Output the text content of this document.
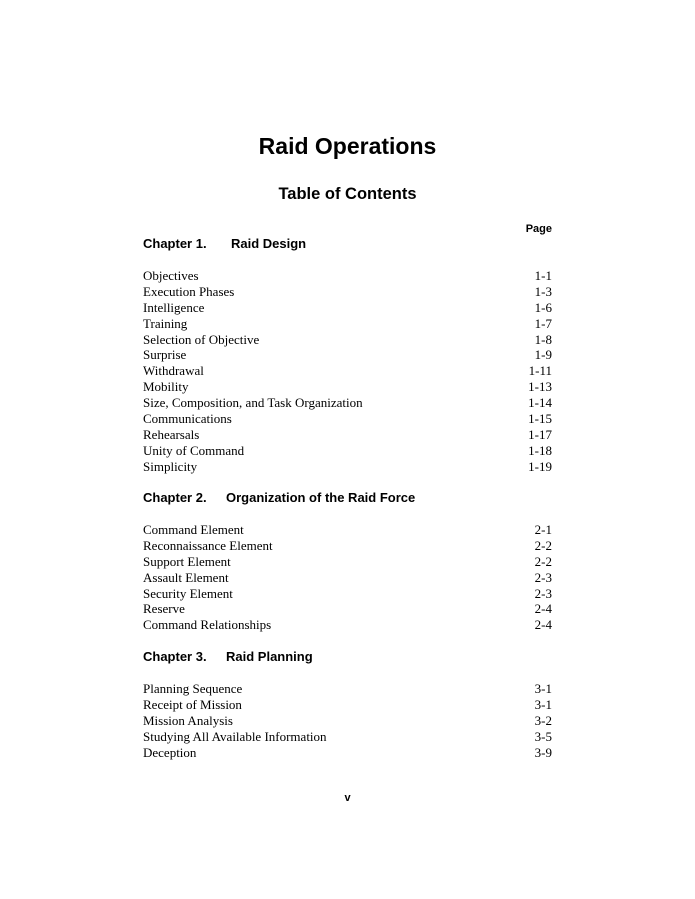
Raid Operations
Table of Contents
Page
Chapter 1. Raid Design
Objectives	1-1
Execution Phases	1-3
Intelligence	1-6
Training	1-7
Selection of Objective	1-8
Surprise	1-9
Withdrawal	1-11
Mobility	1-13
Size, Composition, and Task Organization	1-14
Communications	1-15
Rehearsals	1-17
Unity of Command	1-18
Simplicity	1-19
Chapter 2. Organization of the Raid Force
Command Element	2-1
Reconnaissance Element	2-2
Support Element	2-2
Assault Element	2-3
Security Element	2-3
Reserve	2-4
Command Relationships	2-4
Chapter 3. Raid Planning
Planning Sequence	3-1
Receipt of Mission	3-1
Mission Analysis	3-2
Studying All Available Information	3-5
Deception	3-9
v
